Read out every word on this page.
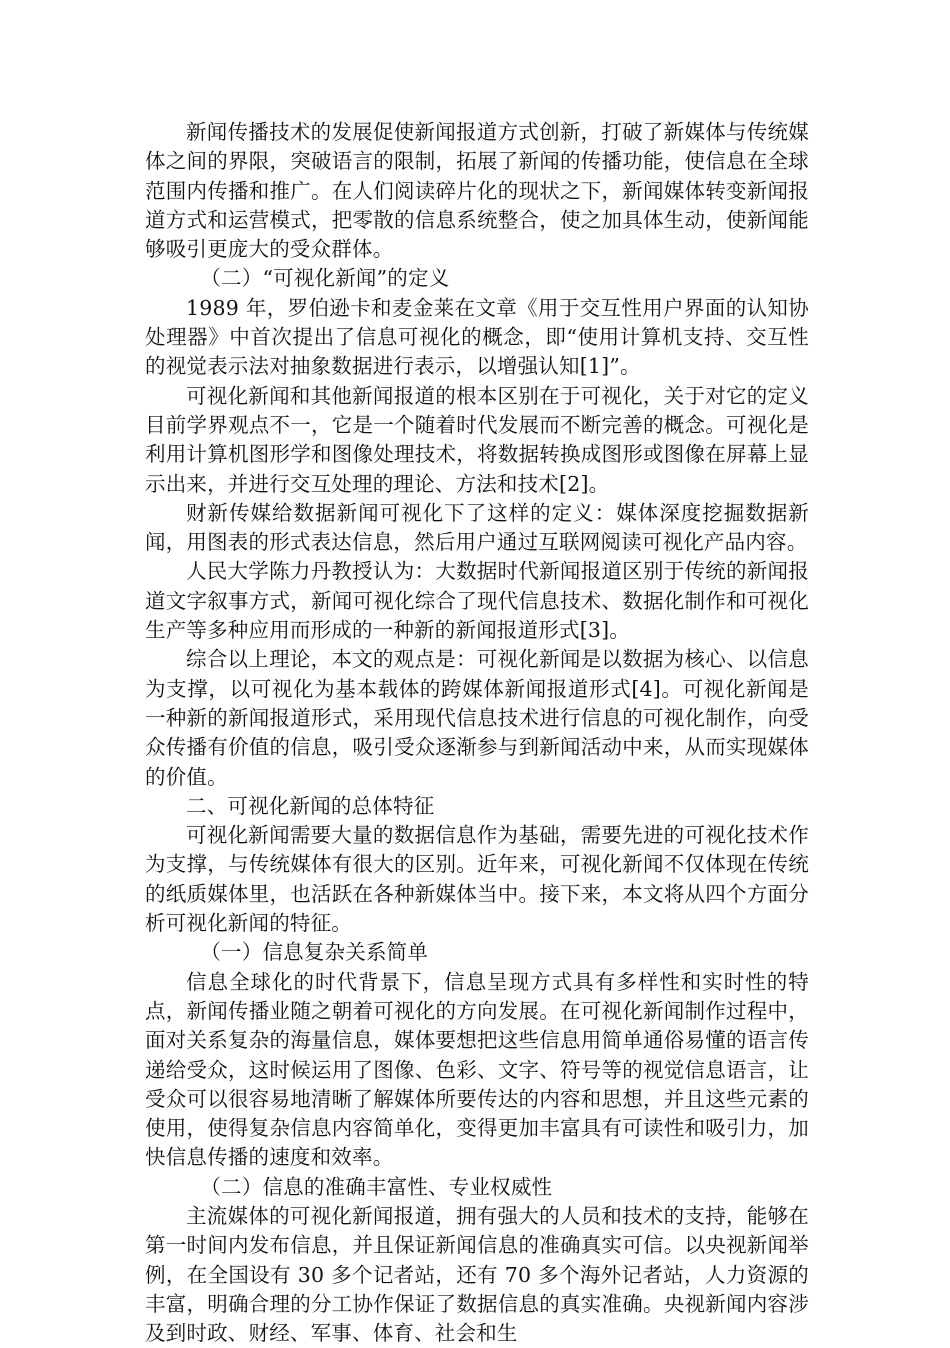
新闻传播技术的发展促使新闻报道方式创新，打破了新媒体与传统媒体之间的界限，突破语言的限制，拓展了新闻的传播功能，使信息在全球范围内传播和推广。在人们阅读碎片化的现状之下，新闻媒体转变新闻报道方式和运营模式，把零散的信息系统整合，使之加具体生动，使新闻能够吸引更庞大的受众群体。

（二）“可视化新闻”的定义

1989 年，罗伯逊卡和麦金莱在文章《用于交互性用户界面的认知协处理器》中首次提出了信息可视化的概念，即“使用计算机支持、交互性的视觉表示法对抽象数据进行表示，以增强认知[1]”。

可视化新闻和其他新闻报道的根本区别在于可视化，关于对它的定义目前学界观点不一，它是一个随着时代发展而不断完善的概念。可视化是利用计算机图形学和图像处理技术，将数据转换成图形或图像在屏幕上显示出来，并进行交互处理的理论、方法和技术[2]。

财新传媒给数据新闻可视化下了这样的定义：媒体深度挖掘数据新闻，用图表的形式表达信息，然后用户通过互联网阅读可视化产品内容。

人民大学陈力丹教授认为：大数据时代新闻报道区别于传统的新闻报道文字叙事方式，新闻可视化综合了现代信息技术、数据化制作和可视化生产等多种应用而形成的一种新的新闻报道形式[3]。

综合以上理论，本文的观点是：可视化新闻是以数据为核心、以信息为支撑，以可视化为基本载体的跨媒体新闻报道形式[4]。可视化新闻是一种新的新闻报道形式，采用现代信息技术进行信息的可视化制作，向受众传播有价值的信息，吸引受众逐渐参与到新闻活动中来，从而实现媒体的价值。

二、可视化新闻的总体特征

可视化新闻需要大量的数据信息作为基础，需要先进的可视化技术作为支撑，与传统媒体有很大的区别。近年来，可视化新闻不仅体现在传统的纸质媒体里，也活跃在各种新媒体当中。接下来，本文将从四个方面分析可视化新闻的特征。

（一）信息复杂关系简单

信息全球化的时代背景下，信息呈现方式具有多样性和实时性的特点，新闻传播业随之朝着可视化的方向发展。在可视化新闻制作过程中，面对关系复杂的海量信息，媒体要想把这些信息用简单通俗易懂的语言传递给受众，这时候运用了图像、色彩、文字、符号等的视觉信息语言，让受众可以很容易地清晰了解媒体所要传达的内容和思想，并且这些元素的使用，使得复杂信息内容简单化，变得更加丰富具有可读性和吸引力，加快信息传播的速度和效率。

（二）信息的准确丰富性、专业权威性

主流媒体的可视化新闻报道，拥有强大的人员和技术的支持，能够在第一时间内发布信息，并且保证新闻信息的准确真实可信。以央视新闻举例，在全国设有 30 多个记者站，还有 70 多个海外记者站，人力资源的丰富，明确合理的分工协作保证了数据信息的真实准确。央视新闻内容涉及到时政、财经、军事、体育、社会和生
